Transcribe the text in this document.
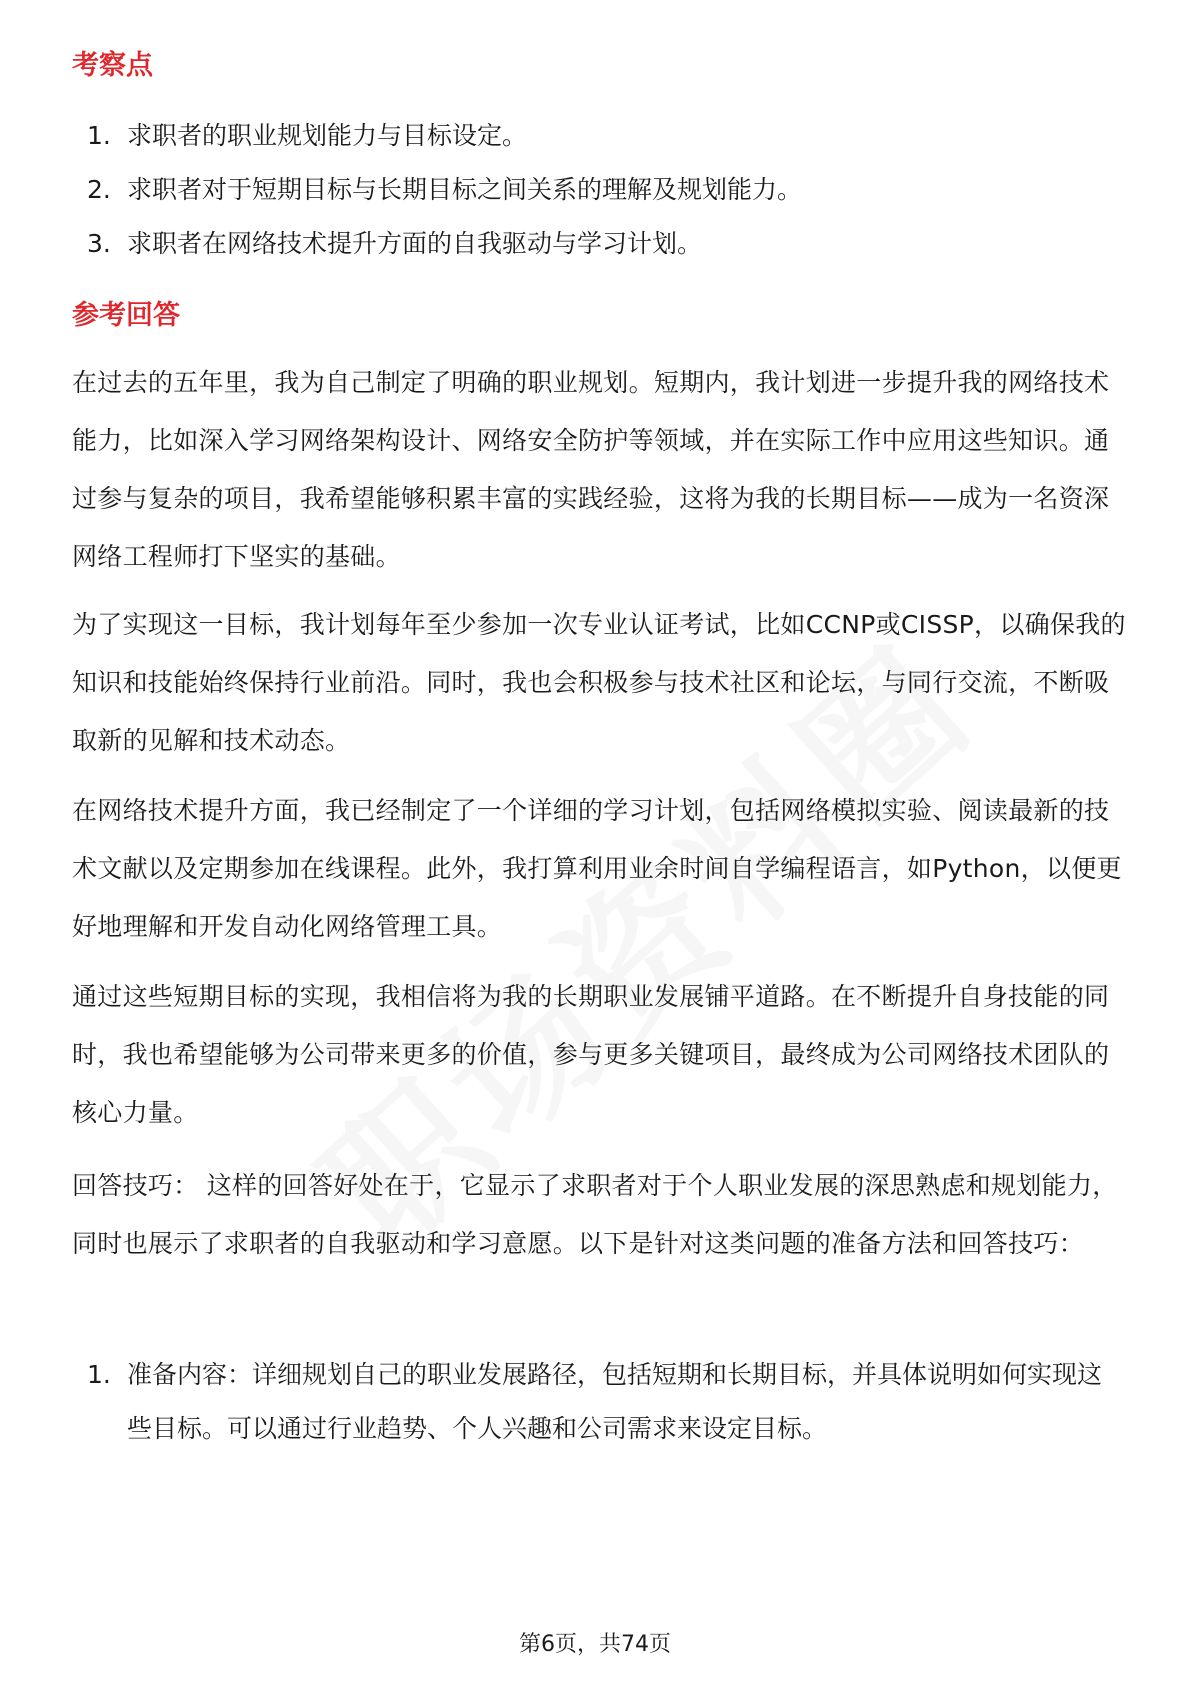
考察点
1. 求职者的职业规划能力与目标设定。
2. 求职者对于短期目标与长期目标之间关系的理解及规划能力。
3. 求职者在网络技术提升方面的自我驱动与学习计划。
参考回答

在过去的五年里，我为自己制定了明确的职业规划。短期内，我计划进一步提升我的网络技术能力，比如深入学习网络架构设计、网络安全防护等领域，并在实际工作中应用这些知识。通过参与复杂的项目，我希望能够积累丰富的实践经验，这将为我的长期目标——成为一名资深网络工程师打下坚实的基础。

为了实现这一目标，我计划每年至少参加一次专业认证考试，比如CCNP或CISSP，以确保我的知识和技能始终保持行业前沿。同时，我也会积极参与技术社区和论坛，与同行交流，不断吸取新的见解和技术动态。

在网络技术提升方面，我已经制定了一个详细的学习计划，包括网络模拟实验、阅读最新的技术文献以及定期参加在线课程。此外，我打算利用业余时间自学编程语言，如Python，以便更好地理解和开发自动化网络管理工具。

通过这些短期目标的实现，我相信将为我的长期职业发展铺平道路。在不断提升自身技能的同时，我也希望能够为公司带来更多的价值，参与更多关键项目，最终成为公司网络技术团队的核心力量。

回答技巧： 这样的回答好处在于，它显示了求职者对于个人职业发展的深思熟虑和规划能力，同时也展示了求职者的自我驱动和学习意愿。以下是针对这类问题的准备方法和回答技巧：

1. 准备内容：详细规划自己的职业发展路径，包括短期和长期目标，并具体说明如何实现这些目标。可以通过行业趋势、个人兴趣和公司需求来设定目标。
第6页，共74页
